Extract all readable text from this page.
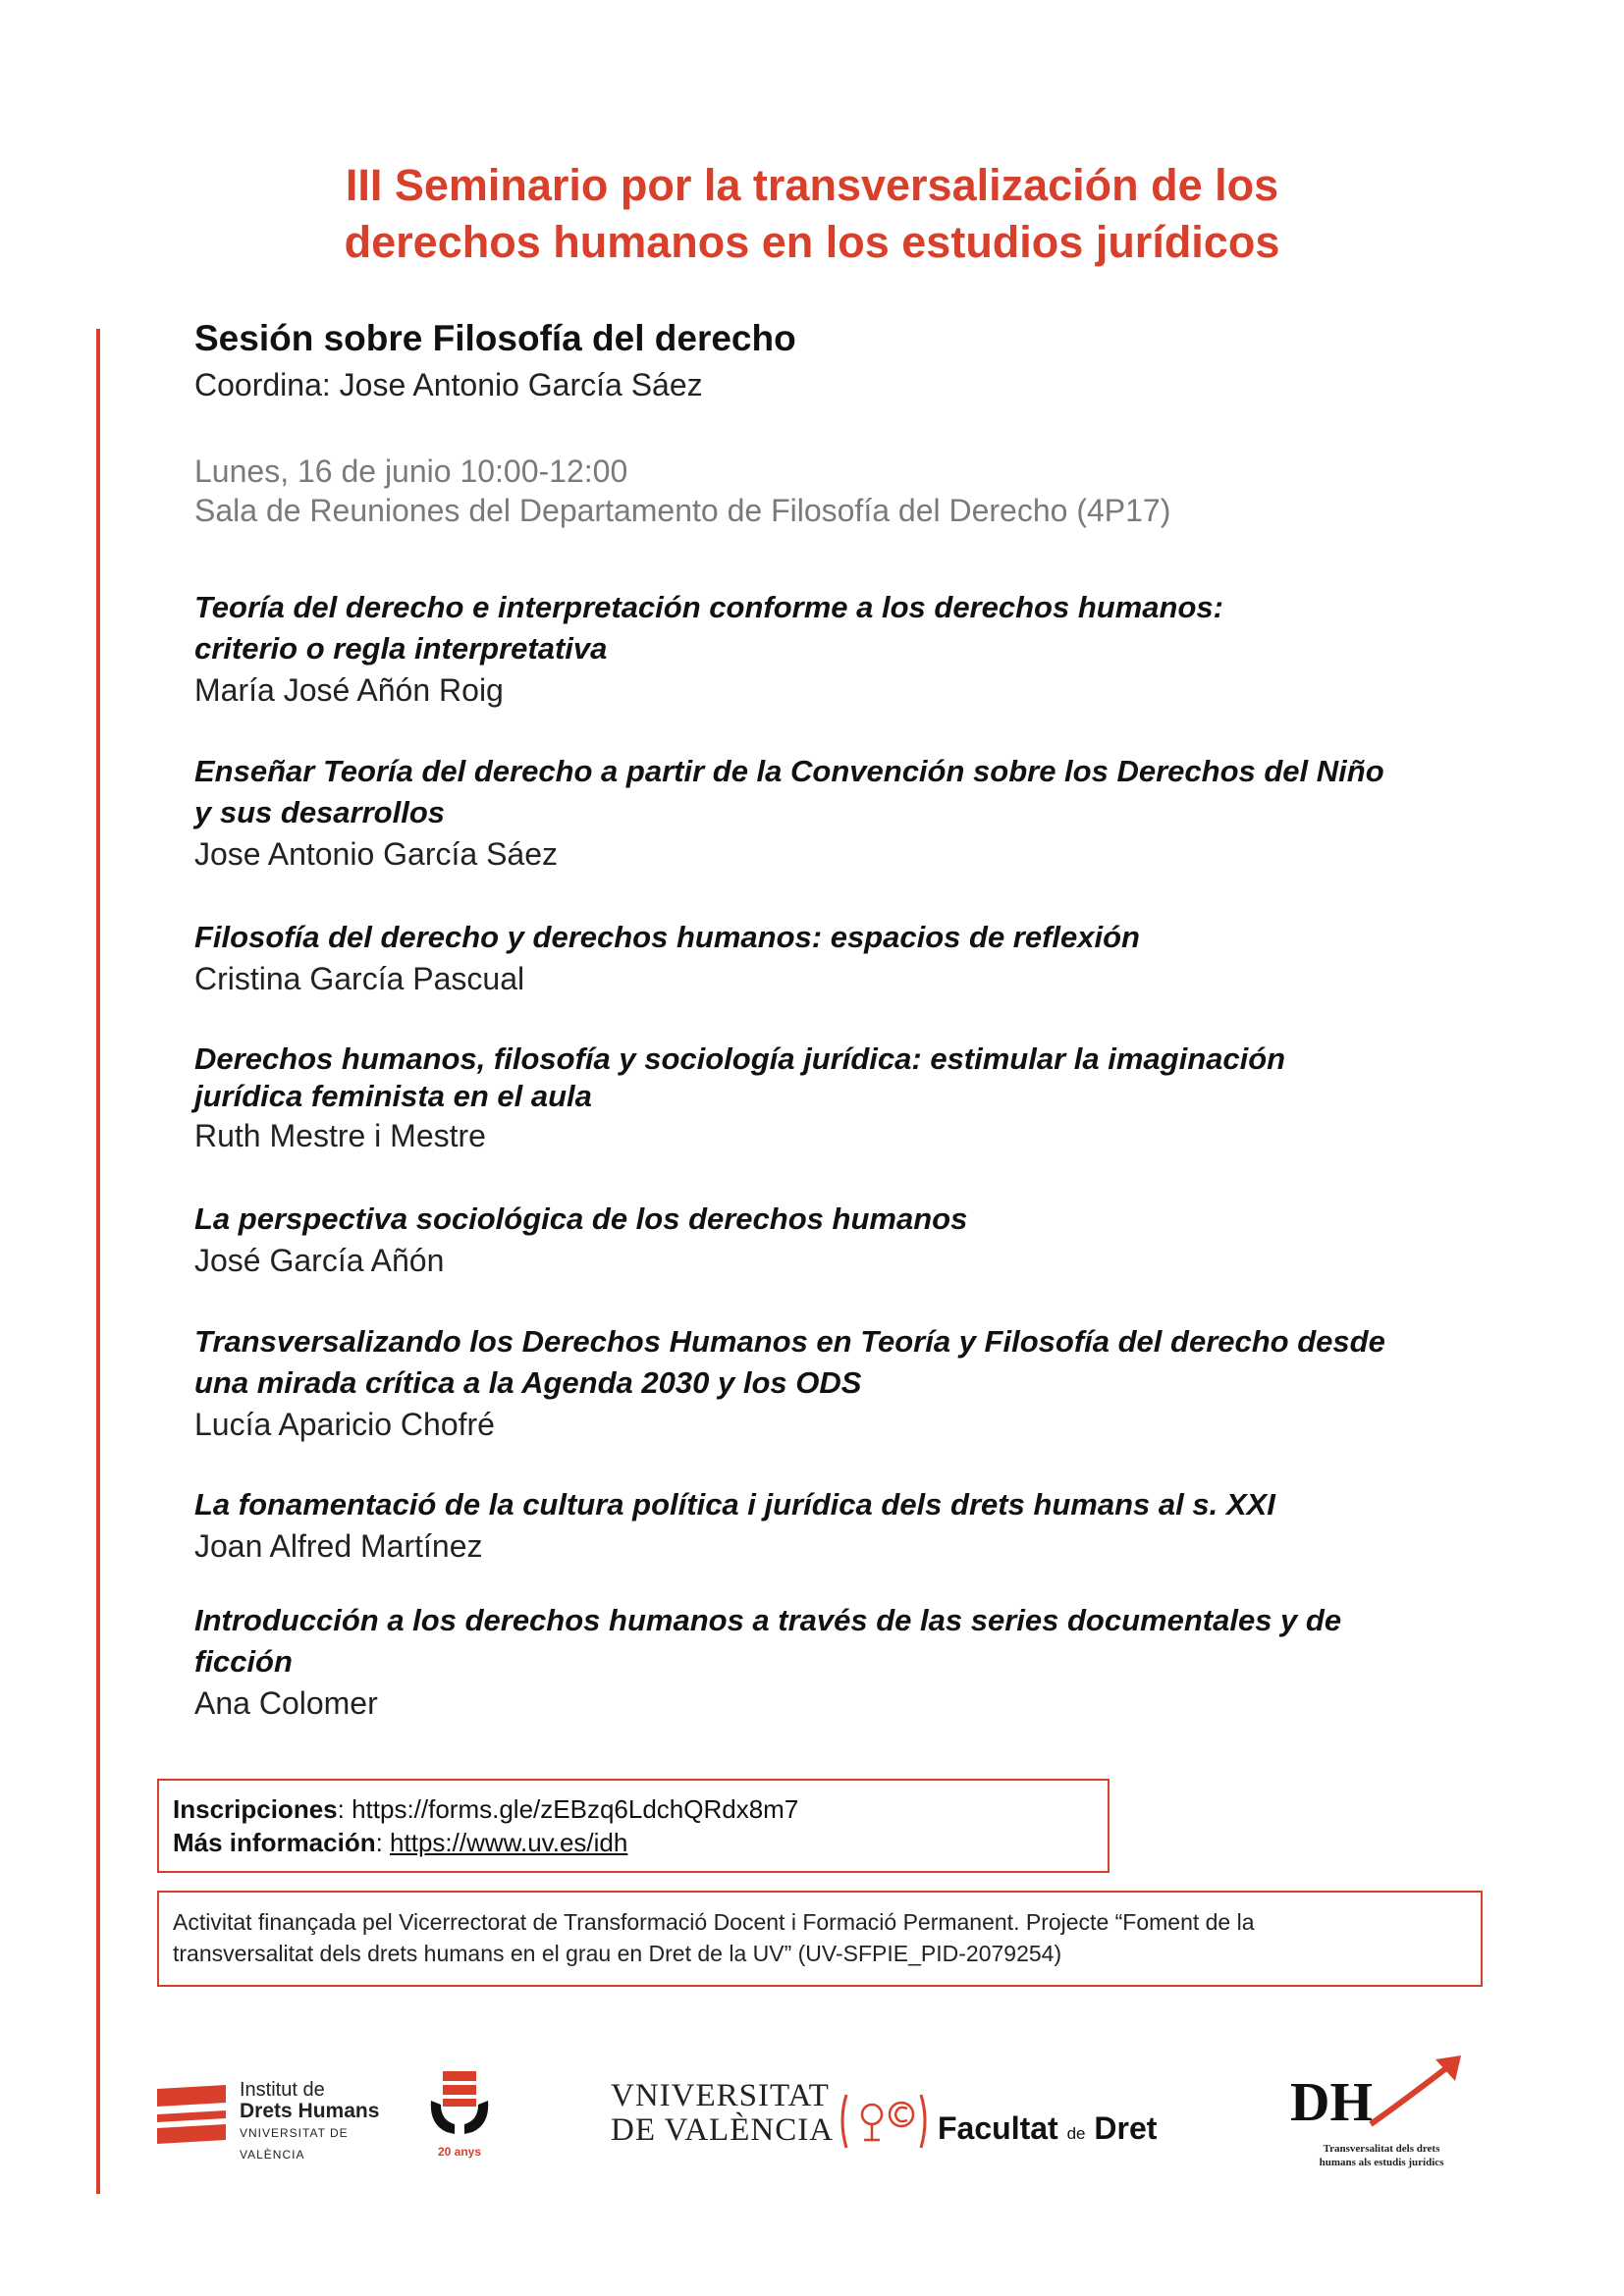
III Seminario por la transversalización de los
derechos humanos en los estudios jurídicos

Sesión sobre Filosofía del derecho

Coordina: Jose Antonio García Sáez

Lunes, 16 de junio 10:00-12:00
Sala de Reuniones del Departamento de Filosofía del Derecho (4P17)

Teoría del derecho e interpretación conforme a los derechos humanos:
criterio o regla interpretativa

María José Añón Roig

Enseñar Teoría del derecho a partir de la Convención sobre los Derechos del Niño
y sus desarrollos

Jose Antonio García Sáez

Filosofía del derecho y derechos humanos: espacios de reflexión

Cristina García Pascual

Derechos humanos, filosofía y sociología jurídica: estimular la imaginación
jurídica feminista en el aula

Ruth Mestre i Mestre

La perspectiva sociológica de los derechos humanos

José García Añón

Transversalizando los Derechos Humanos en Teoría y Filosofía del derecho desde
una mirada crítica a la Agenda 2030 y los ODS

Lucía Aparicio Chofré

La fonamentació de la cultura política i jurídica dels drets humans al s. XXI

Joan Alfred Martínez

Introducción a los derechos humanos a través de las series documentales y de
ficción

Ana Colomer

Inscripciones: https://forms.gle/zEBzq6LdchQRdx8m7
Más información: https://www.uv.es/idh

Activitat finançada pel Vicerrectorat de Transformació Docent i Formació Permanent. Projecte “Foment de la

transversalitat dels drets humans en el grau en Dret de la UV” (UV-SFPIE_PID-2079254)

Institut de
Drets Humans
VNIVERSITAT DE VALÈNCIA	20 anys
VNIVERSITAT
DE VALÈNCIA	Facultat de Dret DH
Transversalitat dels drets
humans als estudis jurídics
